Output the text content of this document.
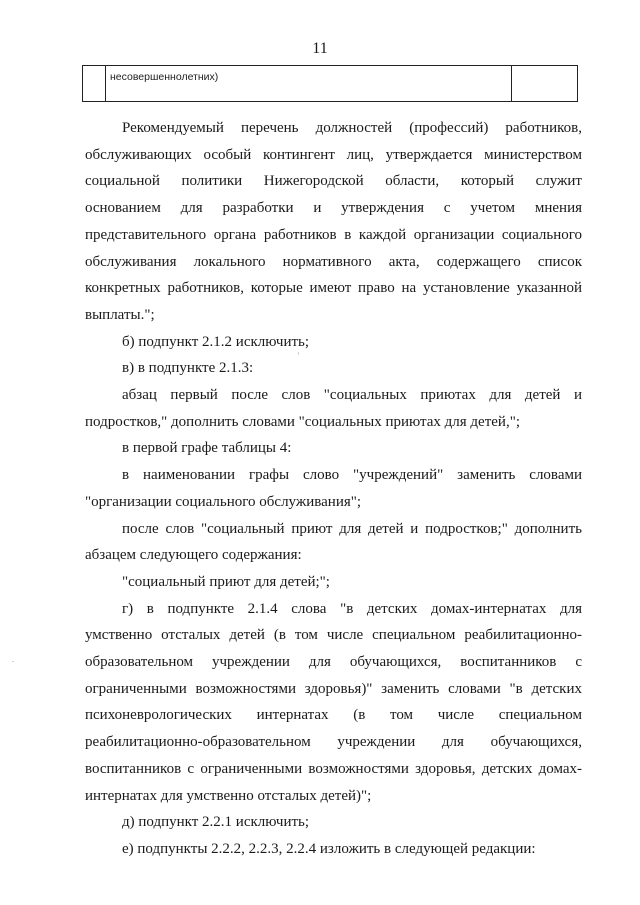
11
	несовершеннолетних)	

Рекомендуемый перечень должностей (профессий) работников,

обслуживающих особый контингент лиц, утверждается министерством

социальной политики Нижегородской области, который служит

основанием для разработки и утверждения с учетом мнения

представительного органа работников в каждой организации социального

обслуживания локального нормативного акта, содержащего список

конкретных работников, которые имеют право на установление указанной

выплаты.";

б) подпункт 2.1.2 исключить;

в) в подпункте 2.1.3:

абзац первый после слов "социальных приютах для детей и

подростков," дополнить словами "социальных приютах для детей,";

в первой графе таблицы 4:

в наименовании графы слово "учреждений" заменить словами

"организации социального обслуживания";

после слов "социальный приют для детей и подростков;" дополнить

абзацем следующего содержания:

"социальный приют для детей;";

г) в подпункте 2.1.4 слова "в детских домах-интернатах для

умственно отсталых детей (в том числе специальном реабилитационно-

образовательном учреждении для обучающихся, воспитанников с

ограниченными возможностями здоровья)" заменить словами "в детских

психоневрологических интернатах (в том числе специальном

реабилитационно-образовательном учреждении для обучающихся,

воспитанников с ограниченными возможностями здоровья, детских домах-

интернатах для умственно отсталых детей)";

д) подпункт 2.2.1 исключить;

е) подпункты 2.2.2, 2.2.3, 2.2.4 изложить в следующей редакции:

'
.
